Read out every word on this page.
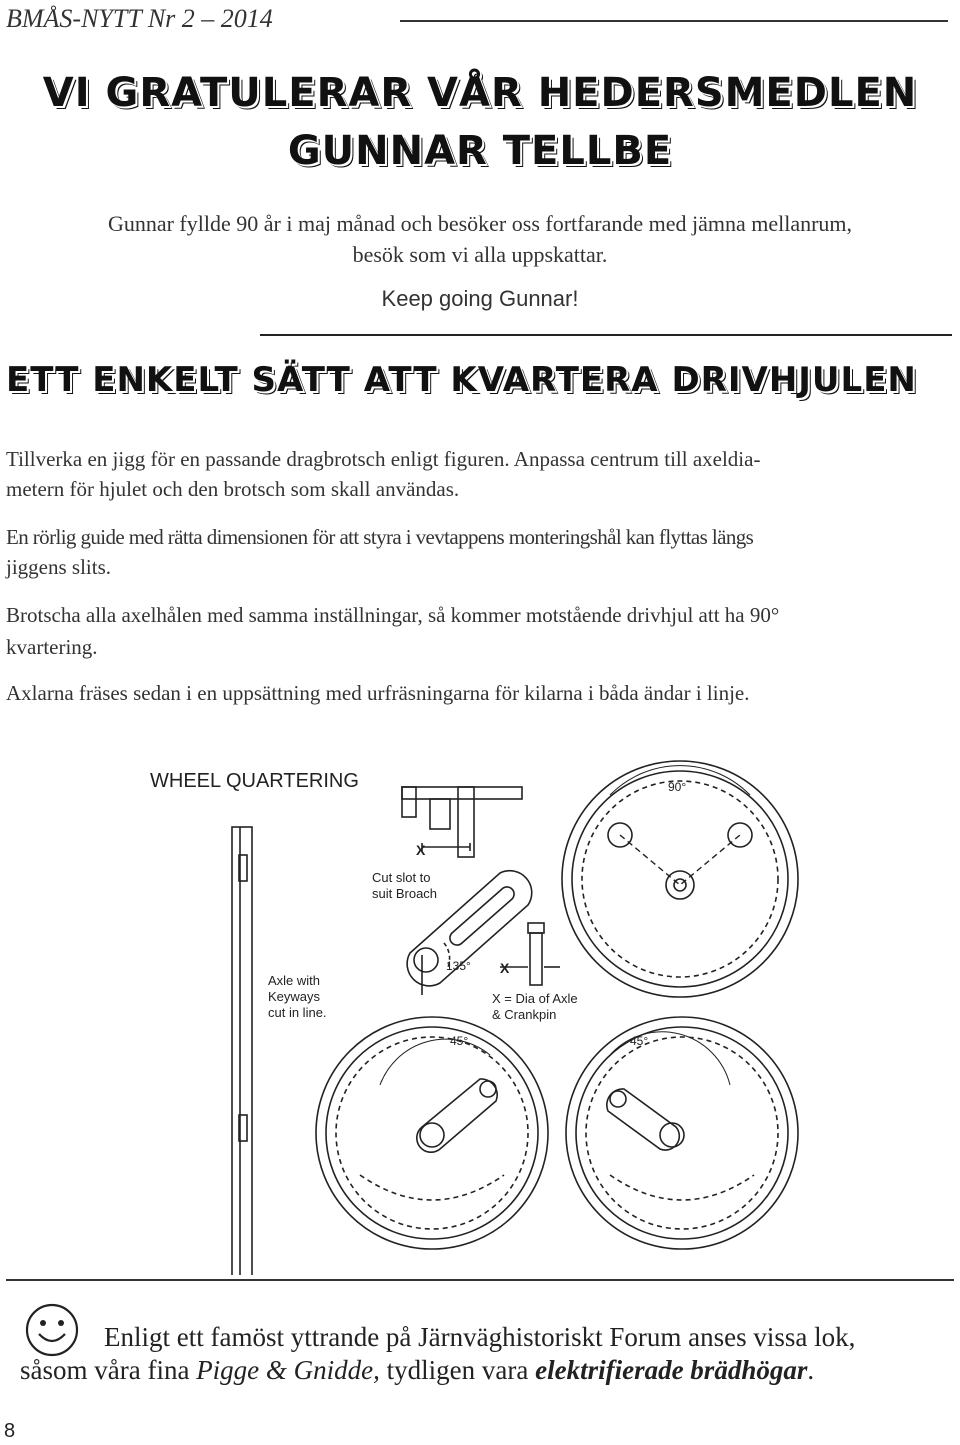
BMÅS-NYTT Nr 2 – 2014
VI GRATULERAR VÅR HEDERSMEDLEN
GUNNAR TELLBE
Gunnar fyllde 90 år i maj månad och besöker oss fortfarande med jämna mellanrum,
besök som vi alla uppskattar.
Keep going Gunnar!
ETT ENKELT SÄTT ATT KVARTERA DRIVHJULEN
Tillverka en jigg för en passande dragbrotsch enligt figuren. Anpassa centrum till axeldia-
metern för hjulet och den brotsch som skall användas.
En rörlig guide med rätta dimensionen för att styra i vevtappens monteringshål kan flyttas längs
jiggens slits.
Brotscha alla axelhålen med samma inställningar, så kommer motstående drivhjul att ha 90°
kvartering.
Axlarna fräses sedan i en uppsättning med urfräsningarna för kilarna i båda ändar i linje.
WHEEL QUARTERING
X
Cut slot to
suit Broach
135° X
Axle with
Keyways
cut in line.
X = Dia of Axle
& Crankpin
90°
45°	45°
Enligt ett famöst yttrande på Järnväghistoriskt Forum anses vissa lok,
såsom våra fina Pigge & Gnidde, tydligen vara elektrifierade brädhögar.
8
